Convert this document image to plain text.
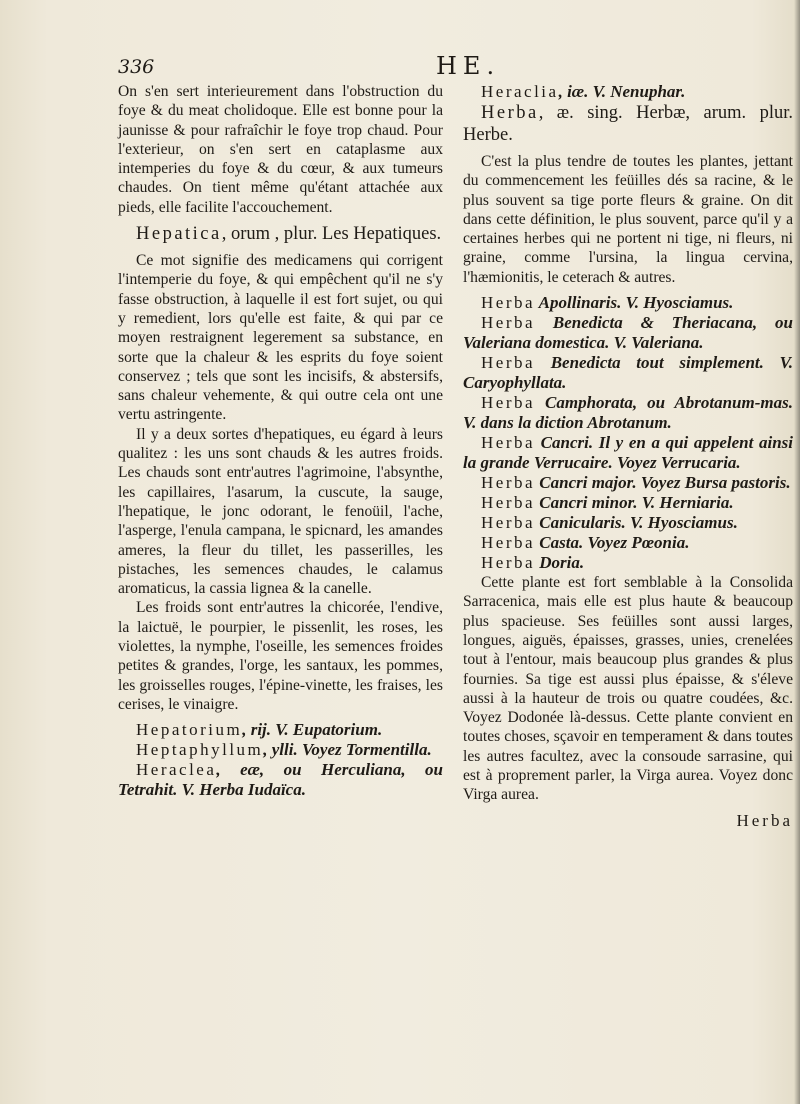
336	HE.

On s'en sert interieurement dans l'obstruction du foye & du meat cholidoque. Elle est bonne pour la jaunisse & pour rafraîchir le foye trop chaud. Pour l'exterieur, on s'en sert en cataplasme aux intemperies du foye & du cœur, & aux tumeurs chaudes. On tient même qu'étant attachée aux pieds, elle facilite l'accouchement.

Hepatica, orum , plur. Les Hepatiques.

Ce mot signifie des medicamens qui corrigent l'intemperie du foye, & qui empêchent qu'il ne s'y fasse obstruction, à laquelle il est fort sujet, ou qui y remedient, lors qu'elle est faite, & qui par ce moyen restraignent legerement sa substance, en sorte que la chaleur & les esprits du foye soient conservez ; tels que sont les incisifs, & abstersifs, sans chaleur vehemente, & qui outre cela ont une vertu astringente.

Il y a deux sortes d'hepatiques, eu égard à leurs qualitez : les uns sont chauds & les autres froids. Les chauds sont entr'autres l'agrimoine, l'absynthe, les capillaires, l'asarum, la cuscute, la sauge, l'hepatique, le jonc odorant, le fenoüil, l'ache, l'asperge, l'enula campana, le spicnard, les amandes ameres, la fleur du tillet, les passerilles, les pistaches, les semences chaudes, le calamus aromaticus, la cassia lignea & la canelle.

Les froids sont entr'autres la chicorée, l'endive, la laictuë, le pourpier, le pissenlit, les roses, les violettes, la nymphe, l'oseille, les semences froides petites & grandes, l'orge, les santaux, les pommes, les groisselles rouges, l'épine-vinette, les fraises, les cerises, le vinaigre.

Hepatorium, rij. V. Eupatorium.

Heptaphyllum, ylli. Voyez Tormentilla.

Heraclea, eæ, ou Herculiana, ou Tetrahit. V. Herba Iudaïca.

Heraclia, iæ. V. Nenuphar.

Herba, æ. sing. Herbæ, arum. plur. Herbe.

C'est la plus tendre de toutes les plantes, jettant du commencement les feüilles dés sa racine, & le plus souvent sa tige porte fleurs & graine. On dit dans cette définition, le plus souvent, parce qu'il y a certaines herbes qui ne portent ni tige, ni fleurs, ni graine, comme l'ursina, la lingua cervina, l'hæmionitis, le ceterach & autres.

Herba Apollinaris. V. Hyosciamus.

Herba Benedicta & Theriacana, ou Valeriana domestica. V. Valeriana.

Herba Benedicta tout simplement. V. Caryophyllata.

Herba Camphorata, ou Abrotanum-mas. V. dans la diction Abrotanum.

Herba Cancri. Il y en a qui appelent ainsi la grande Verrucaire. Voyez Verrucaria.

Herba Cancri major. Voyez Bursa pastoris.

Herba Cancri minor. V. Herniaria.

Herba Canicularis. V. Hyosciamus.

Herba Casta. Voyez Pœonia.

Herba Doria.

Cette plante est fort semblable à la Consolida Sarracenica, mais elle est plus haute & beaucoup plus spacieuse. Ses feüilles sont aussi larges, longues, aiguës, épaisses, grasses, unies, crenelées tout à l'entour, mais beaucoup plus grandes & plus fournies. Sa tige est aussi plus épaisse, & s'éleve aussi à la hauteur de trois ou quatre coudées, &c. Voyez Dodonée là-dessus. Cette plante convient en toutes choses, sçavoir en temperament & dans toutes les autres facultez, avec la consoude sarrasine, qui est à proprement parler, la Virga aurea. Voyez donc Virga aurea.

Herba
